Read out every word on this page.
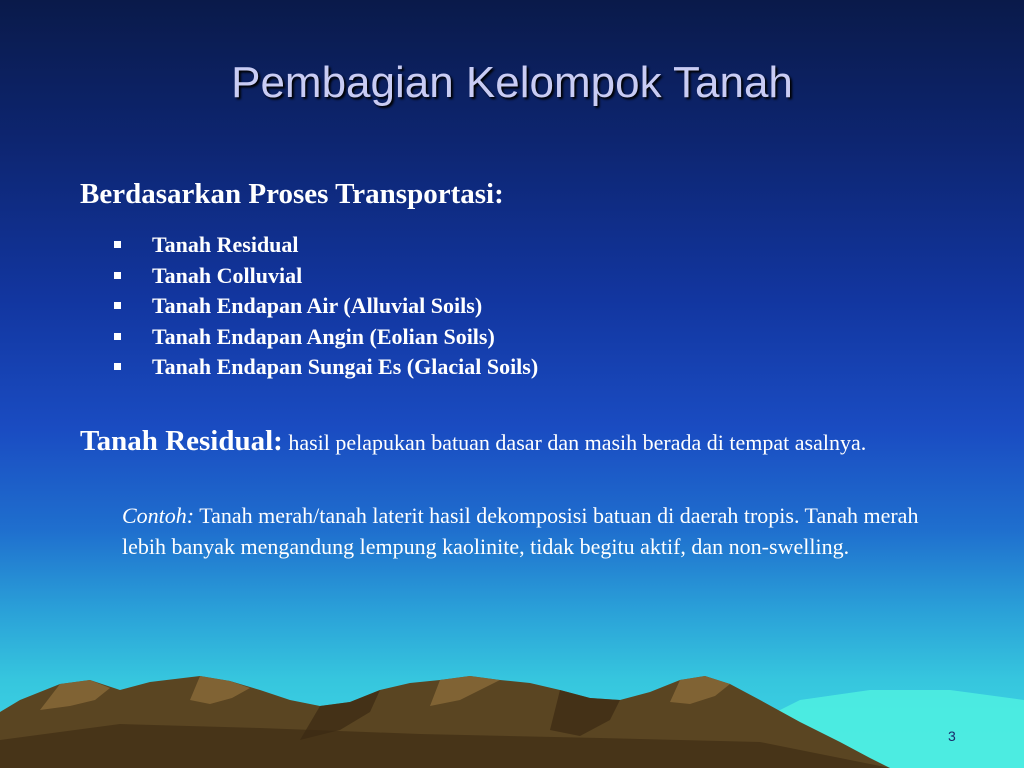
Pembagian Kelompok Tanah
Berdasarkan Proses Transportasi:
Tanah Residual
Tanah Colluvial
Tanah Endapan Air (Alluvial Soils)
Tanah Endapan Angin (Eolian Soils)
Tanah Endapan Sungai Es (Glacial Soils)
Tanah Residual: hasil pelapukan batuan dasar dan masih berada di tempat asalnya.
Contoh: Tanah merah/tanah laterit hasil dekomposisi batuan di daerah tropis. Tanah merah lebih banyak mengandung lempung kaolinite, tidak begitu aktif, dan non-swelling.
3
